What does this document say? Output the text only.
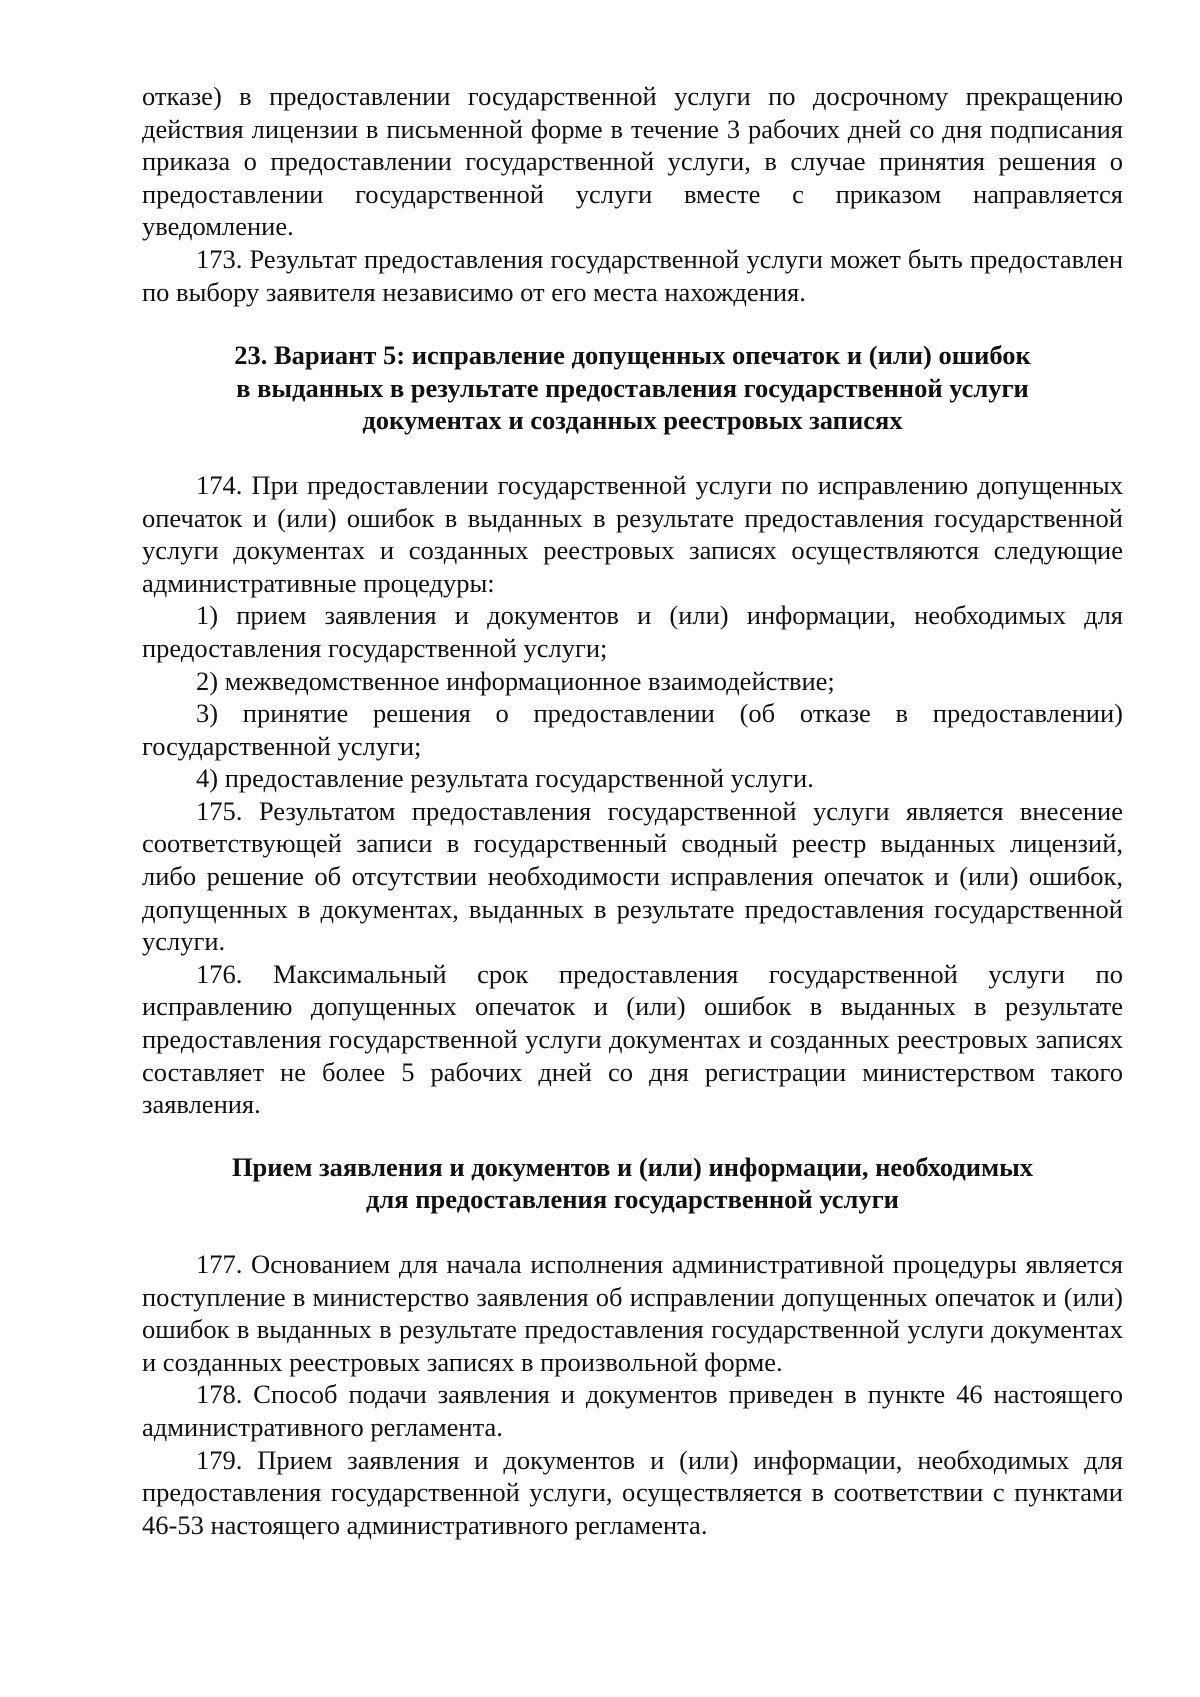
отказе) в предоставлении государственной услуги по досрочному прекращению действия лицензии в письменной форме в течение 3 рабочих дней со дня подписания приказа о предоставлении государственной услуги, в случае принятия решения о предоставлении государственной услуги вместе с приказом направляется уведомление.

173. Результат предоставления государственной услуги может быть предоставлен по выбору заявителя независимо от его места нахождения.

23. Вариант 5: исправление допущенных опечаток и (или) ошибок
в выданных в результате предоставления государственной услуги
документах и созданных реестровых записях

174. При предоставлении государственной услуги по исправлению допущенных опечаток и (или) ошибок в выданных в результате предоставления государственной услуги документах и созданных реестровых записях осуществляются следующие административные процедуры:

1) прием заявления и документов и (или) информации, необходимых для предоставления государственной услуги;

2) межведомственное информационное взаимодействие;

3) принятие решения о предоставлении (об отказе в предоставлении) государственной услуги;

4) предоставление результата государственной услуги.

175. Результатом предоставления государственной услуги является внесение соответствующей записи в государственный сводный реестр выданных лицензий, либо решение об отсутствии необходимости исправления опечаток и (или) ошибок, допущенных в документах, выданных в результате предоставления государственной услуги.

176. Максимальный срок предоставления государственной услуги по исправлению допущенных опечаток и (или) ошибок в выданных в результате предоставления государственной услуги документах и созданных реестровых записях составляет не более 5 рабочих дней со дня регистрации министерством такого заявления.

Прием заявления и документов и (или) информации, необходимых
для предоставления государственной услуги

177. Основанием для начала исполнения административной процедуры является поступление в министерство заявления об исправлении допущенных опечаток и (или) ошибок в выданных в результате предоставления государственной услуги документах и созданных реестровых записях в произвольной форме.

178. Способ подачи заявления и документов приведен в пункте 46 настоящего административного регламента.

179. Прием заявления и документов и (или) информации, необходимых для предоставления государственной услуги, осуществляется в соответствии с пунктами 46-53 настоящего административного регламента.
